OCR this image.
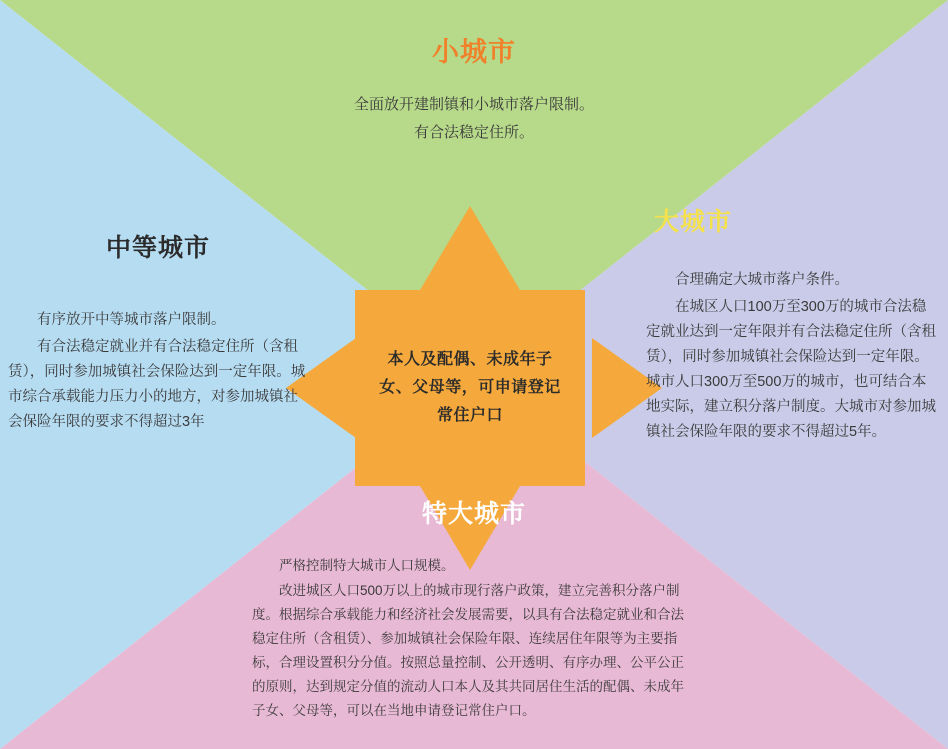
本人及配偶、未成年子女、父母等，可申请登记常住户口
小城市

全面放开建制镇和小城市落户限制。

有合法稳定住所。

中等城市

有序放开中等城市落户限制。

有合法稳定就业并有合法稳定住所（含租赁），同时参加城镇社会保险达到一定年限。城市综合承载能力压力小的地方，对参加城镇社会保险年限的要求不得超过3年

大城市

合理确定大城市落户条件。

在城区人口100万至300万的城市合法稳定就业达到一定年限并有合法稳定住所（含租赁），同时参加城镇社会保险达到一定年限。城市人口300万至500万的城市，也可结合本地实际，建立积分落户制度。大城市对参加城镇社会保险年限的要求不得超过5年。

特大城市

严格控制特大城市人口规模。

改进城区人口500万以上的城市现行落户政策，建立完善积分落户制度。根据综合承载能力和经济社会发展需要，以具有合法稳定就业和合法稳定住所（含租赁）、参加城镇社会保险年限、连续居住年限等为主要指标，合理设置积分分值。按照总量控制、公开透明、有序办理、公平公正的原则，达到规定分值的流动人口本人及其共同居住生活的配偶、未成年子女、父母等，可以在当地申请登记常住户口。
